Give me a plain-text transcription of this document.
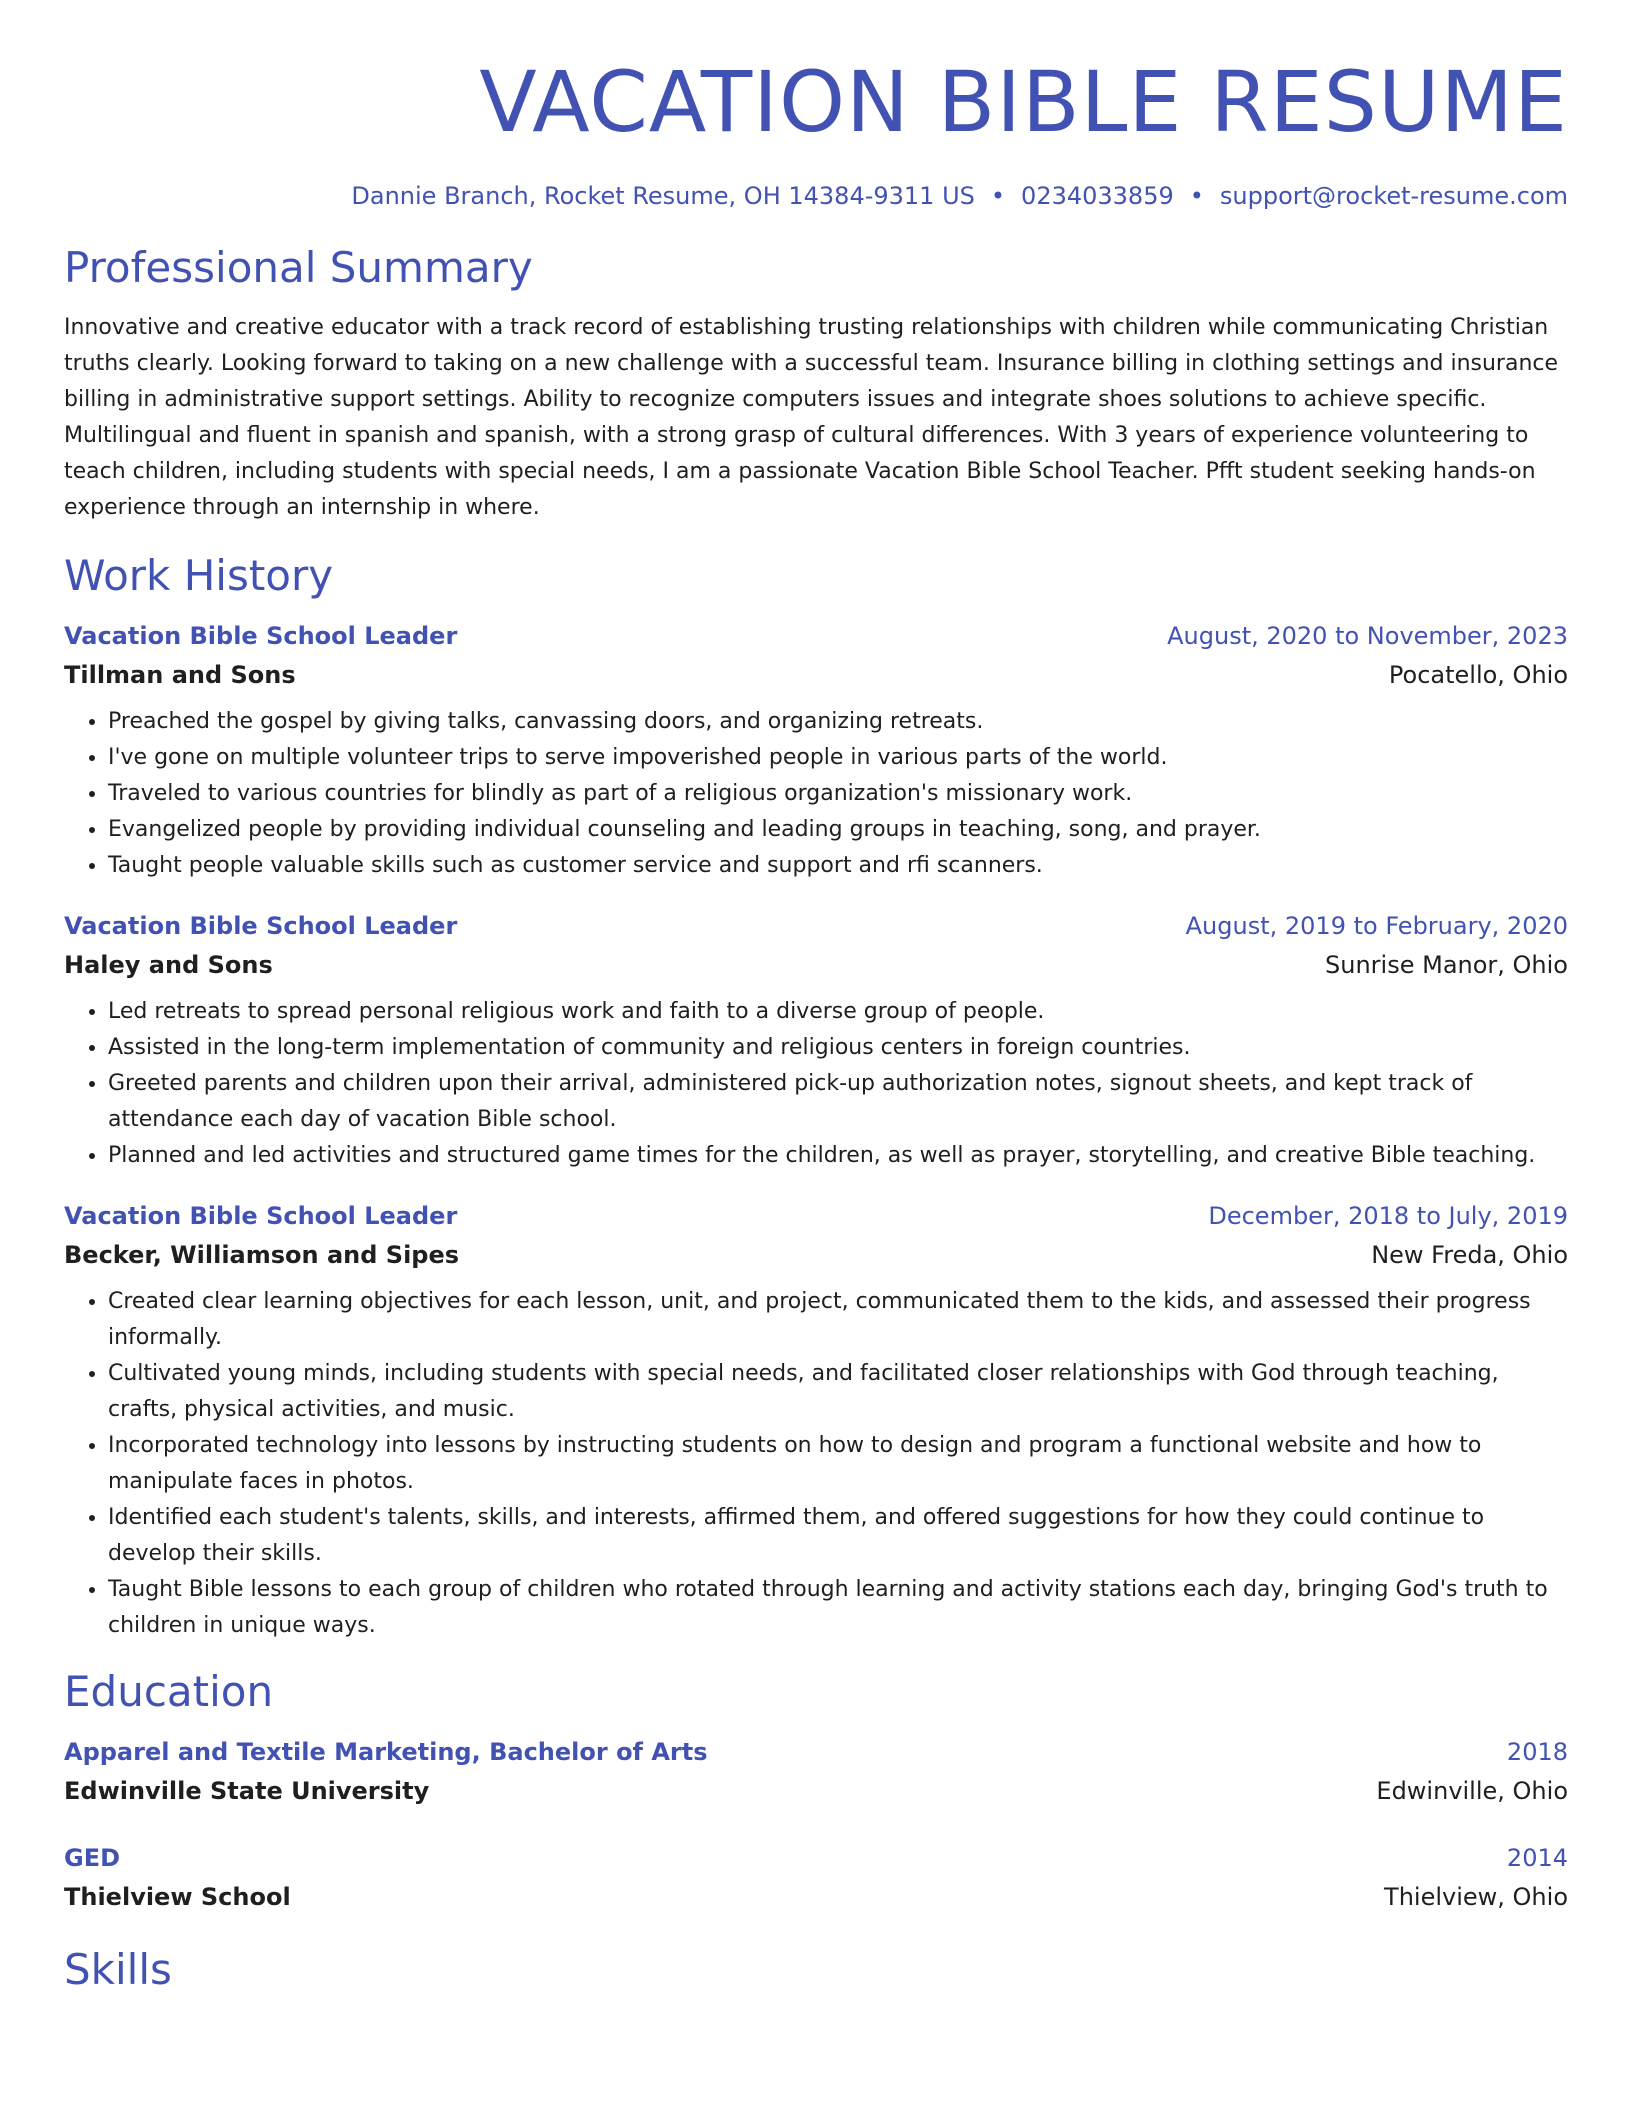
VACATION BIBLE RESUME
Dannie Branch, Rocket Resume, OH 14384-9311 US • 0234033859 • support@rocket-resume.com
Professional Summary

Innovative and creative educator with a track record of establishing trusting relationships with children while communicating Christian truths clearly. Looking forward to taking on a new challenge with a successful team. Insurance billing in clothing settings and insurance billing in administrative support settings. Ability to recognize computers issues and integrate shoes solutions to achieve specific. Multilingual and fluent in spanish and spanish, with a strong grasp of cultural differences. With 3 years of experience volunteering to teach children, including students with special needs, I am a passionate Vacation Bible School Teacher. Pfft student seeking hands-on experience through an internship in where.

Work History
Vacation Bible School Leader	August, 2020 to November, 2023
Tillman and Sons	Pocatello, Ohio
• Preached the gospel by giving talks, canvassing doors, and organizing retreats.
• I've gone on multiple volunteer trips to serve impoverished people in various parts of the world.
• Traveled to various countries for blindly as part of a religious organization's missionary work.
• Evangelized people by providing individual counseling and leading groups in teaching, song, and prayer.
• Taught people valuable skills such as customer service and support and rfi scanners.
Vacation Bible School Leader	August, 2019 to February, 2020
Haley and Sons	Sunrise Manor, Ohio
• Led retreats to spread personal religious work and faith to a diverse group of people.
• Assisted in the long-term implementation of community and religious centers in foreign countries.
• Greeted parents and children upon their arrival, administered pick-up authorization notes, signout sheets, and kept track of attendance each day of vacation Bible school.
• Planned and led activities and structured game times for the children, as well as prayer, storytelling, and creative Bible teaching.
Vacation Bible School Leader	December, 2018 to July, 2019
Becker, Williamson and Sipes	New Freda, Ohio
• Created clear learning objectives for each lesson, unit, and project, communicated them to the kids, and assessed their progress informally.
• Cultivated young minds, including students with special needs, and facilitated closer relationships with God through teaching, crafts, physical activities, and music.
• Incorporated technology into lessons by instructing students on how to design and program a functional website and how to manipulate faces in photos.
• Identified each student's talents, skills, and interests, affirmed them, and offered suggestions for how they could continue to develop their skills.
• Taught Bible lessons to each group of children who rotated through learning and activity stations each day, bringing God's truth to children in unique ways.
Education
Apparel and Textile Marketing, Bachelor of Arts	2018
Edwinville State University	Edwinville, Ohio
GED	2014
Thielview School	Thielview, Ohio
Skills
